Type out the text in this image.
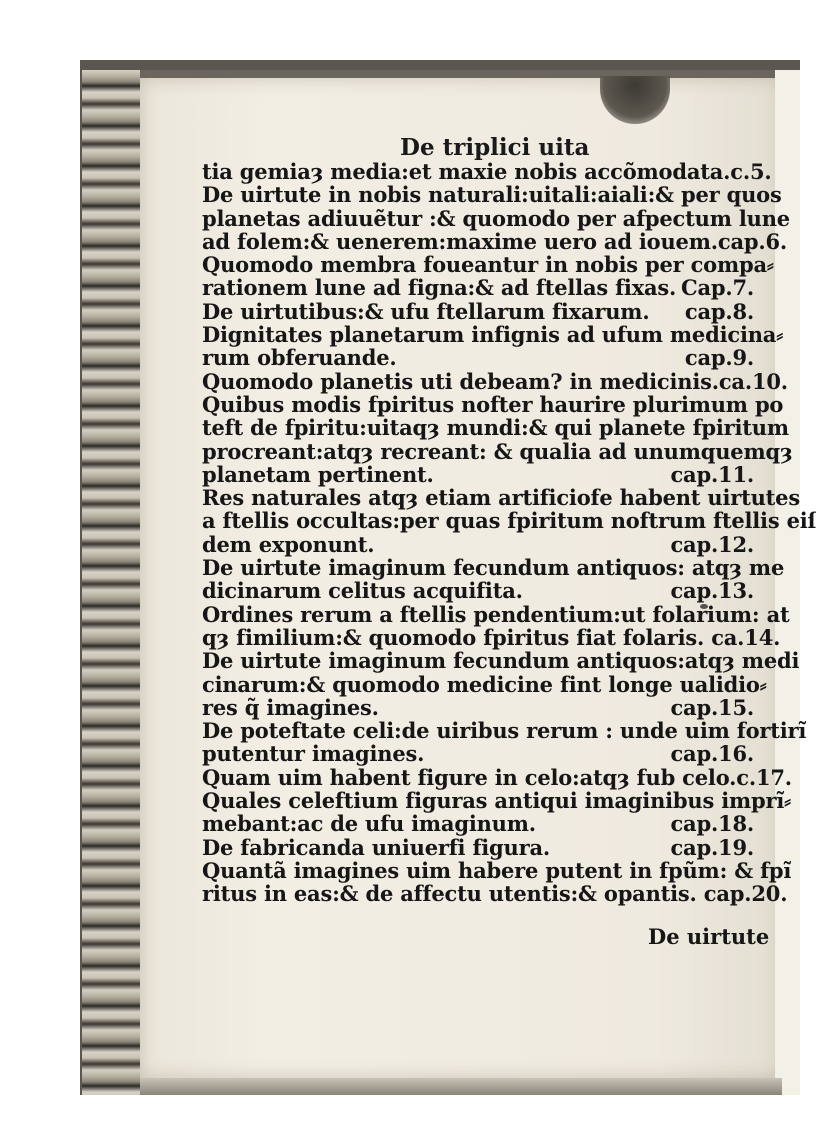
De triplici uita
tia gemiaȝ media:et maxie nobis accõmodata.c.5.
De uirtute in nobis naturali:uitali:aiali:& per quos
planetas adiuuẽtur :& quomodo per afpectum lune
ad folem:& uenerem:maxime uero ad iouem.cap.6.
Quomodo membra foueantur in nobis per compa⸗
rationem lune ad figna:& ad ftellas fixas. Cap.7.
De uirtutibus:& ufu ftellarum fixarum. cap.8.
Dignitates planetarum infignis ad ufum medicina⸗
rum obferuande.	cap.9.
Quomodo planetis uti debeam? in medicinis.ca.10.
Quibus modis fpiritus nofter haurire plurimum po
teft de fpiritu:uitaqȝ mundi:& qui planete fpiritum
procreant:atqȝ recreant: & qualia ad unumquemqȝ
planetam pertinent.	cap.11.
Res naturales atqȝ etiam artificiofe habent uirtutes
a ftellis occultas:per quas fpiritum noftrum ftellis eiſ
dem exponunt.	cap.12.
De uirtute imaginum fecundum antiquos: atqȝ me
dicinarum celitus acquifita.	cap.13.
Ordines rerum a ftellis pendentium:ut folarium: at
qȝ fimilium:& quomodo fpiritus fiat folaris. ca.14.
De uirtute imaginum fecundum antiquos:atqȝ medi
cinarum:& quomodo medicine fint longe ualidio⸗
res q̃ imagines.	cap.15.
De poteftate celi:de uiribus rerum : unde uim fortirĩ
putentur imagines.	cap.16.
Quam uim habent figure in celo:atqȝ fub celo.c.17.
Quales celeftium figuras antiqui imaginibus imprĩ⸗
mebant:ac de ufu imaginum.	cap.18.
De fabricanda uniuerfi figura.	cap.19.
Quantã imagines uim habere putent in fpũm: & fpĩ
ritus in eas:& de affectu utentis:& opantis. cap.20.
De uirtute
